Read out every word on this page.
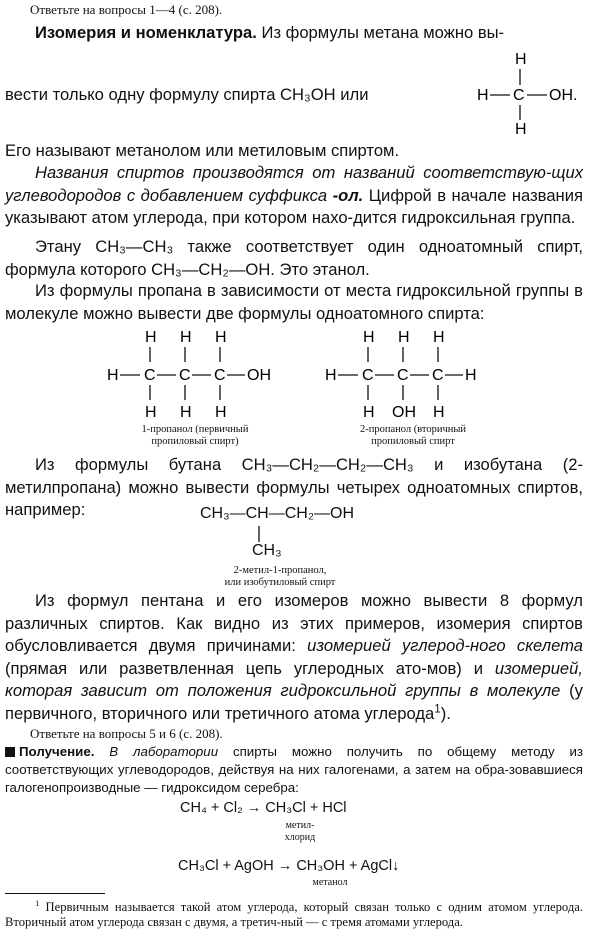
Ответьте на вопросы 1—4 (с. 208).
Изомерия и номенклатура. Из формулы метана можно вы-
вести только одну формулу спирта CH₃OH или
H
H C OH.
H
Его называют метанолом или метиловым спиртом.
Названия спиртов производятся от названий соответствую-щих углеводородов с добавлением суффикса -ол. Цифрой в начале названия указывают атом углерода, при котором нахо-дится гидроксильная группа.
Этану CH₃—CH₃ также соответствует один одноатомный спирт, формула которого CH₃—CH₂—OH. Это этанол.
Из формулы пропана в зависимости от места гидроксильной группы в молекуле можно вывести две формулы одноатомного спирта:
H H H
H C C C OH
H H H
1-пропанол (первичный
пропиловый спирт)
H H H
H C C C H
H OH H
2-пропанол (вторичный
пропиловый спирт
Из формулы бутана CH₃—CH₂—CH₂—CH₃ и изобутана (2-метилпропана) можно вывести формулы четырех одноатомных спиртов, например:	CH₃—CH—CH₂—OH
CH₃
2-метил-1-пропанол,
или изобутиловый спирт
Из формул пентана и его изомеров можно вывести 8 формул различных спиртов. Как видно из этих примеров, изомерия спиртов обусловливается двумя причинами: изомерией углерод-ного скелета (прямая или разветвленная цепь углеродных ато-мов) и изомерией, которая зависит от положения гидроксильной группы в молекуле (у первичного, вторичного или третичного атома углерода$^1$).
Ответьте на вопросы 5 и 6 (с. 208).
Получение. В лаборатории спирты можно получить по общему методу из соответствующих углеводородов, действуя на них галогенами, а затем на обра-зовавшиеся галогенопроизводные — гидроксидом серебра:
CH₄ + Cl₂ → CH₃Cl + HCl
метил-
хлорид
CH₃Cl + AgOH → CH₃OH + AgCl↓
метанол
$^1$ Первичным называется такой атом углерода, который связан только с одним атомом углерода. Вторичный атом углерода связан с двумя, а третич-ный — с тремя атомами углерода.
